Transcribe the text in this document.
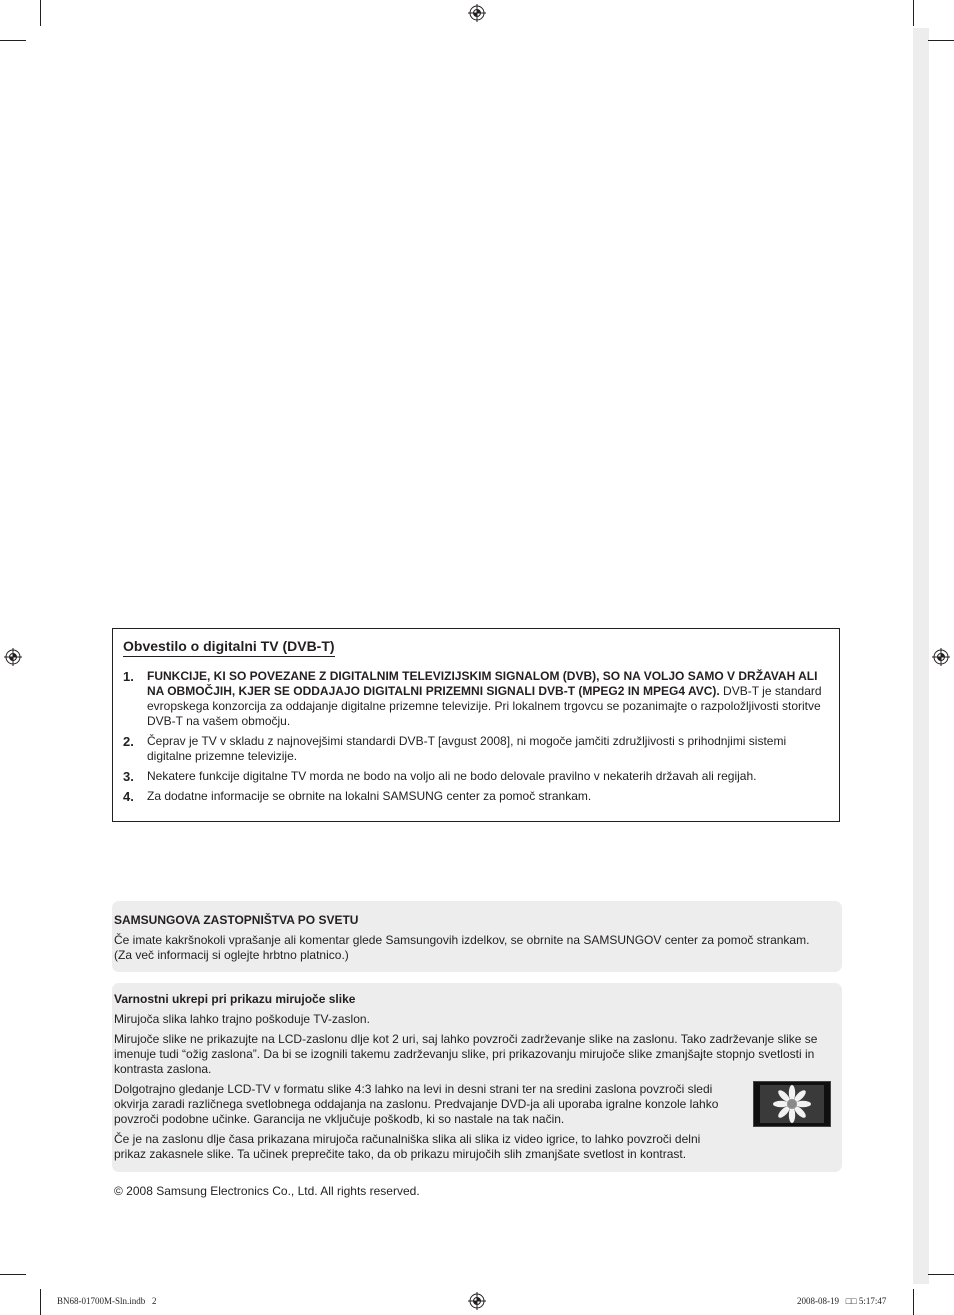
Obvestilo o digitalni TV (DVB-T)
1. FUNKCIJE, KI SO POVEZANE Z DIGITALNIM TELEVIZIJSKIM SIGNALOM (DVB), SO NA VOLJO SAMO V DRŽAVAH ALI NA OBMOČJIH, KJER SE ODDAJAJO DIGITALNI PRIZEMNI SIGNALI DVB-T (MPEG2 IN MPEG4 AVC). DVB-T je standard evropskega konzorcija za oddajanje digitalne prizemne televizije. Pri lokalnem trgovcu se pozanimajte o razpoložljivosti storitve DVB-T na vašem območju.
2. Čeprav je TV v skladu z najnovejšimi standardi DVB-T [avgust 2008], ni mogoče jamčiti združljivosti s prihodnjimi sistemi digitalne prizemne televizije.
3. Nekatere funkcije digitalne TV morda ne bodo na voljo ali ne bodo delovale pravilno v nekaterih državah ali regijah.
4. Za dodatne informacije se obrnite na lokalni SAMSUNG center za pomoč strankam.
SAMSUNGOVA ZASTOPNIŠTVA PO SVETU

Če imate kakršnokoli vprašanje ali komentar glede Samsungovih izdelkov, se obrnite na SAMSUNGOV center za pomoč strankam. (Za več informacij si oglejte hrbtno platnico.)

Varnostni ukrepi pri prikazu mirujoče slike

Mirujoča slika lahko trajno poškoduje TV-zaslon.

Mirujoče slike ne prikazujte na LCD-zaslonu dlje kot 2 uri, saj lahko povzroči zadrževanje slike na zaslonu. Tako zadrževanje slike se imenuje tudi “ožig zaslona”. Da bi se izognili takemu zadrževanju slike, pri prikazovanju mirujoče slike zmanjšajte stopnjo svetlosti in kontrasta zaslona.

Dolgotrajno gledanje LCD-TV v formatu slike 4:3 lahko na levi in desni strani ter na sredini zaslona povzroči sledi okvirja zaradi različnega svetlobnega oddajanja na zaslonu. Predvajanje DVD-ja ali uporaba igralne konzole lahko povzroči podobne učinke. Garancija ne vključuje poškodb, ki so nastale na tak način.

Če je na zaslonu dlje časa prikazana mirujoča računalniška slika ali slika iz video igrice, to lahko povzroči delni prikaz zakasnele slike. Ta učinek preprečite tako, da ob prikazu mirujočih slih zmanjšate svetlost in kontrast.

© 2008 Samsung Electronics Co., Ltd. All rights reserved.
BN68-01700M-Sln.indb   2	2008-08-19   □□ 5:17:47
